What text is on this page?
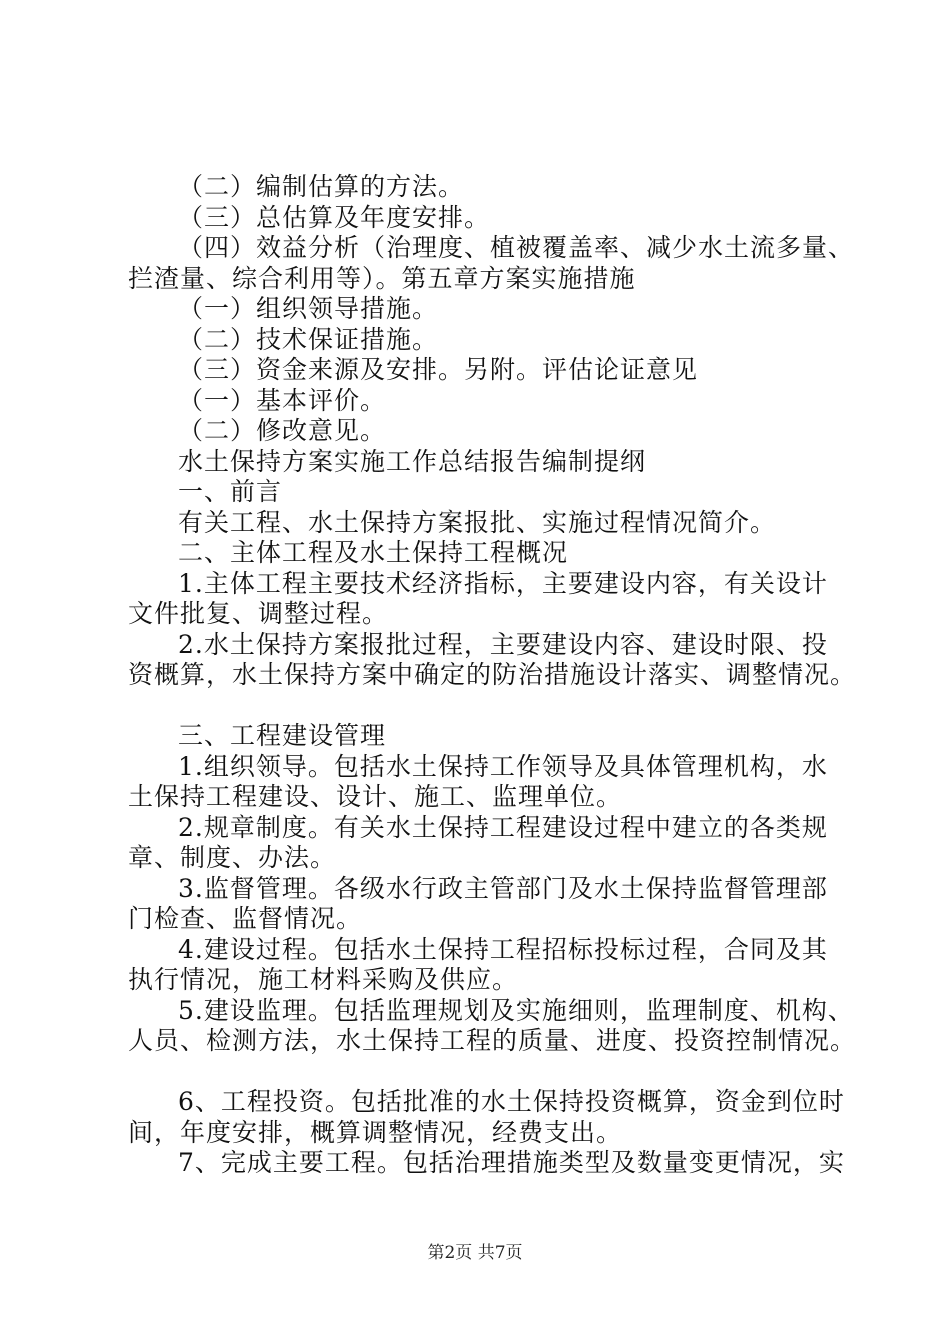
（二）编制估算的方法。
（三）总估算及年度安排。
（四）效益分析（治理度、植被覆盖率、减少水土流多量、
拦渣量、综合利用等）。第五章方案实施措施
（一）组织领导措施。
（二）技术保证措施。
（三）资金来源及安排。另附。评估论证意见
（一）基本评价。
（二）修改意见。
水土保持方案实施工作总结报告编制提纲
一、前言
有关工程、水土保持方案报批、实施过程情况简介。
二、主体工程及水土保持工程概况
1.主体工程主要技术经济指标，主要建设内容，有关设计
文件批复、调整过程。
2.水土保持方案报批过程，主要建设内容、建设时限、投
资概算，水土保持方案中确定的防治措施设计落实、调整情况。
三、工程建设管理
1.组织领导。包括水土保持工作领导及具体管理机构，水
土保持工程建设、设计、施工、监理单位。
2.规章制度。有关水土保持工程建设过程中建立的各类规
章、制度、办法。
3.监督管理。各级水行政主管部门及水土保持监督管理部
门检查、监督情况。
4.建设过程。包括水土保持工程招标投标过程，合同及其
执行情况，施工材料采购及供应。
5.建设监理。包括监理规划及实施细则，监理制度、机构、
人员、检测方法，水土保持工程的质量、进度、投资控制情况。
6、工程投资。包括批准的水土保持投资概算，资金到位时
间，年度安排，概算调整情况，经费支出。
7、完成主要工程。包括治理措施类型及数量变更情况，实
第2页 共7页
